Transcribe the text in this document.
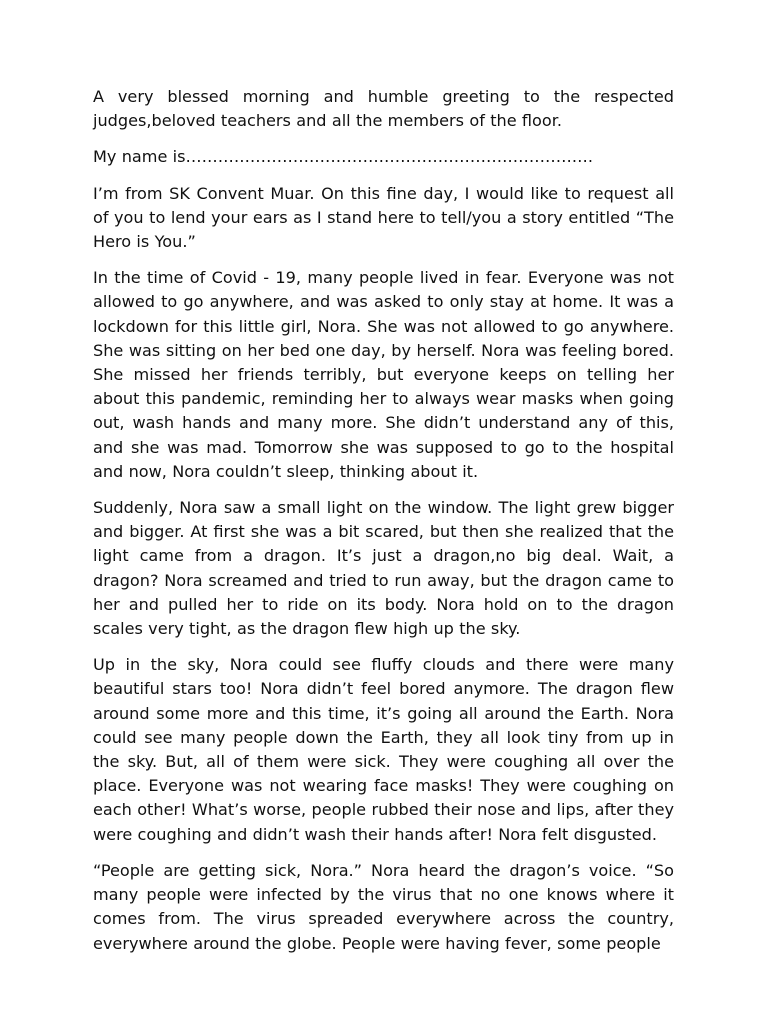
A very blessed morning and humble greeting to the respected judges,beloved teachers and all the members of the floor.

My name is………………………………………………………………….

I’m from SK Convent Muar. On this fine day, I would like to request all of you to lend your ears as I stand here to tell/you a story entitled “The Hero is You.”

In the time of Covid - 19, many people lived in fear. Everyone was not allowed to go anywhere, and was asked to only stay at home. It was a lockdown for this little girl, Nora. She was not allowed to go anywhere. She was sitting on her bed one day, by herself. Nora was feeling bored. She missed her friends terribly, but everyone keeps on telling her about this pandemic, reminding her to always wear masks when going out, wash hands and many more. She didn’t understand any of this, and she was mad. Tomorrow she was supposed to go to the hospital and now, Nora couldn’t sleep, thinking about it.

Suddenly, Nora saw a small light on the window. The light grew bigger and bigger. At first she was a bit scared, but then she realized that the light came from a dragon. It’s just a dragon,no big deal. Wait, a dragon? Nora screamed and tried to run away, but the dragon came to her and pulled her to ride on its body. Nora hold on to the dragon scales very tight, as the dragon flew high up the sky.

Up in the sky, Nora could see fluffy clouds and there were many beautiful stars too! Nora didn’t feel bored anymore. The dragon flew around some more and this time, it’s going all around the Earth. Nora could see many people down the Earth, they all look tiny from up in the sky. But, all of them were sick. They were coughing all over the place. Everyone was not wearing face masks! They were coughing on each other! What’s worse, people rubbed their nose and lips, after they were coughing and didn’t wash their hands after! Nora felt disgusted.

“People are getting sick, Nora.” Nora heard the dragon’s voice. “So many people were infected by the virus that no one knows where it comes from. The virus spreaded everywhere across the country, everywhere around the globe. People were having fever, some people
